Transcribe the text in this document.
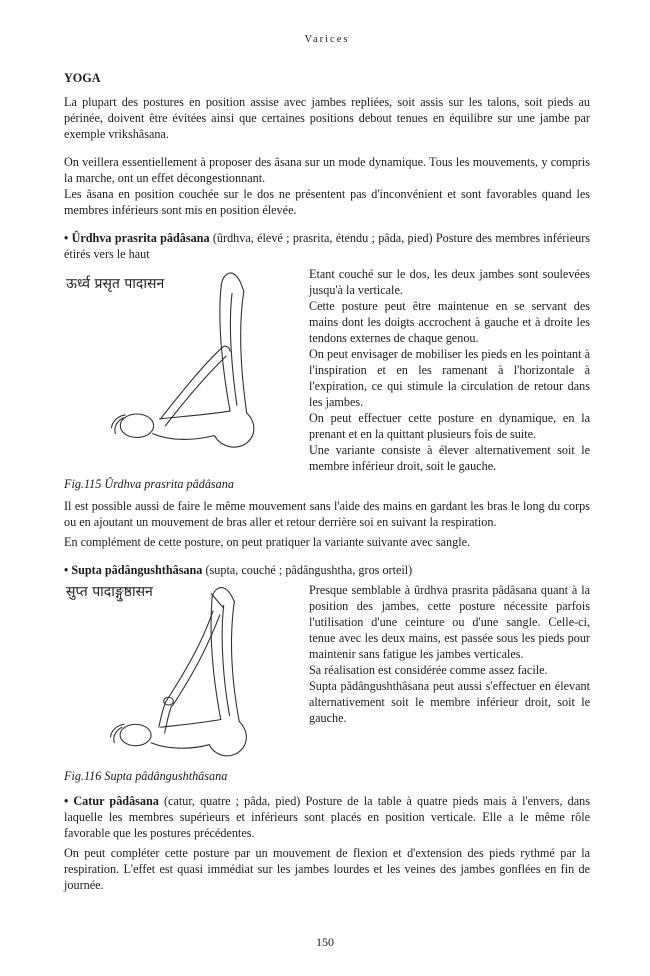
Varices
YOGA

La plupart des postures en position assise avec jambes repliées, soit assis sur les talons, soit pieds au périnée, doivent être évitées ainsi que certaines positions debout tenues en équilibre sur une jambe par exemple vrikshâsana.

On veillera essentiellement à proposer des âsana sur un mode dynamique. Tous les mouvements, y compris la marche, ont un effet décongestionnant.

Les âsana en position couchée sur le dos ne présentent pas d'inconvénient et sont favorables quand les membres inférieurs sont mis en position élevée.

• Ûrdhva prasrita pâdâsana (ûrdhva, élevé ; prasrita, étendu ; pâda, pied) Posture des membres inférieurs étirés vers le haut

ऊर्ध्व प्रसृत पादासन

Etant couché sur le dos, les deux jambes sont soulevées jusqu'à la verticale.

Cette posture peut être maintenue en se servant des mains dont les doigts accrochent à gauche et à droite les tendons externes de chaque genou.

On peut envisager de mobiliser les pieds en les pointant à l'inspiration et en les ramenant à l'horizontale à l'expiration, ce qui stimule la circulation de retour dans les jambes.

On peut effectuer cette posture en dynamique, en la prenant et en la quittant plusieurs fois de suite.

Une variante consiste à élever alternativement soit le membre inférieur droit, soit le gauche.

Fig.115 Ûrdhva prasrita pâdâsana

Il est possible aussi de faire le même mouvement sans l'aide des mains en gardant les bras le long du corps ou en ajoutant un mouvement de bras aller et retour derrière soi en suivant la respiration.

En complément de cette posture, on peut pratiquer la variante suivante avec sangle.

• Supta pâdângushthâsana (supta, couché ; pâdângushtha, gros orteil)

सुप्त पादाङ्गुष्ठासन	Presque semblable à ûrdhva prasrita pâdâsana quant à la position des jambes, cette posture nécessite parfois l'utilisation d'une ceinture ou d'une sangle. Celle-ci, tenue avec les deux mains, est passée sous les pieds pour maintenir sans fatigue les jambes verticales.

Sa réalisation est considérée comme assez facile.

Supta pâdângushthâsana peut aussi s'effectuer en élevant alternativement soit le membre inférieur droit, soit le gauche.

Fig.116 Supta pâdângushthâsana

• Catur pâdâsana (catur, quatre ; pâda, pied) Posture de la table à quatre pieds mais à l'envers, dans laquelle les membres supérieurs et inférieurs sont placés en position verticale. Elle a le même rôle favorable que les postures précédentes.

On peut compléter cette posture par un mouvement de flexion et d'extension des pieds rythmé par la respiration. L'effet est quasi immédiat sur les jambes lourdes et les veines des jambes gonflées en fin de journée.

150
